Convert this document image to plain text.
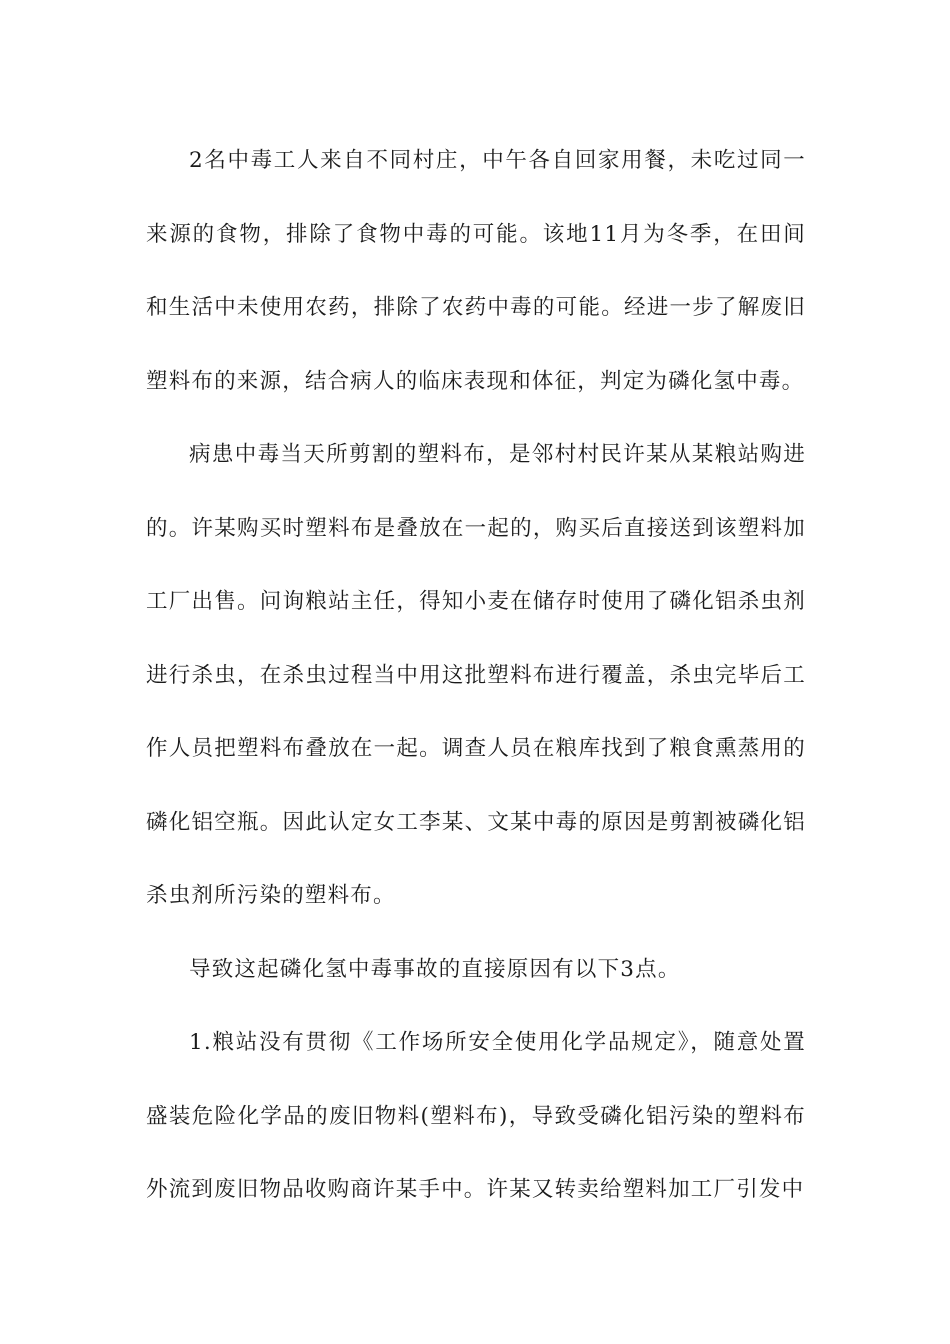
2名中毒工人来自不同村庄，中午各自回家用餐，未吃过同一来源的食物，排除了食物中毒的可能。该地11月为冬季，在田间和生活中未使用农药，排除了农药中毒的可能。经进一步了解废旧塑料布的来源，结合病人的临床表现和体征，判定为磷化氢中毒。

病患中毒当天所剪割的塑料布，是邻村村民许某从某粮站购进的。许某购买时塑料布是叠放在一起的，购买后直接送到该塑料加工厂出售。问询粮站主任，得知小麦在储存时使用了磷化铝杀虫剂进行杀虫，在杀虫过程当中用这批塑料布进行覆盖，杀虫完毕后工作人员把塑料布叠放在一起。调查人员在粮库找到了粮食熏蒸用的磷化铝空瓶。因此认定女工李某、文某中毒的原因是剪割被磷化铝杀虫剂所污染的塑料布。

导致这起磷化氢中毒事故的直接原因有以下3点。

1.粮站没有贯彻《工作场所安全使用化学品规定》，随意处置盛装危险化学品的废旧物料(塑料布)，导致受磷化铝污染的塑料布外流到废旧物品收购商许某手中。许某又转卖给塑料加工厂引发中
